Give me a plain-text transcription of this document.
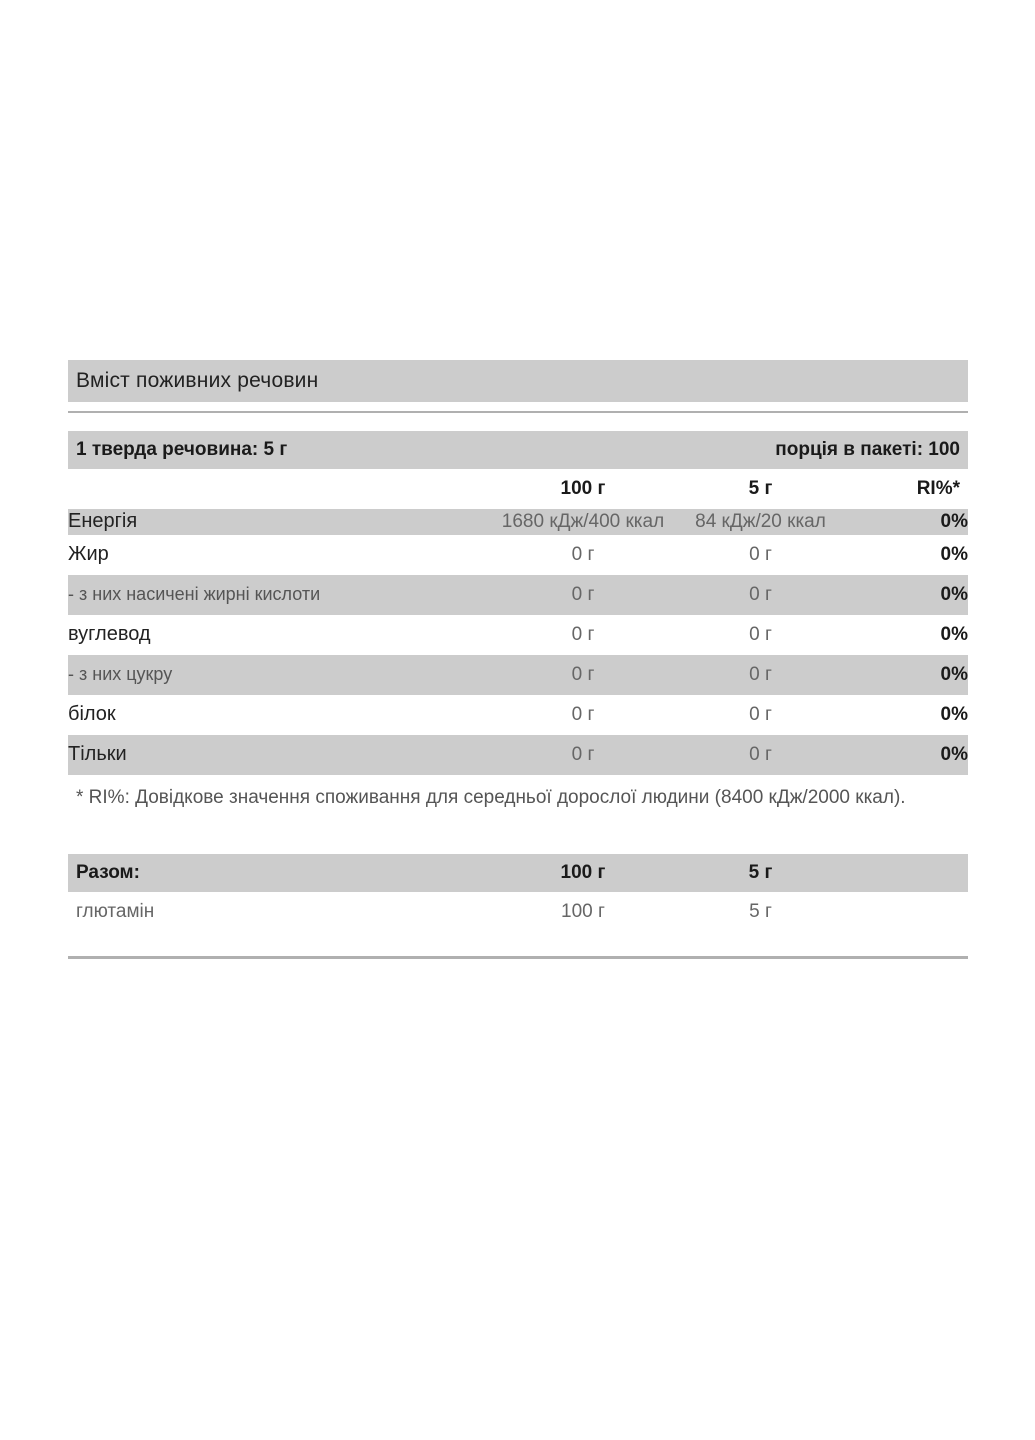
Вміст поживних речовин
1 тверда речовина: 5 г	порція в пакеті: 100
	100 г	5 г	RI%*
Енергія	1680 кДж/400 ккал	84 кДж/20 ккал	0%
Жир	0 г	0 г	0%
- з них насичені жирні кислоти	0 г	0 г	0%
вуглевод	0 г	0 г	0%
- з них цукру	0 г	0 г	0%
білок	0 г	0 г	0%
Тільки	0 г	0 г	0%
* RI%: Довідкове значення споживання для середньої дорослої людини (8400 кДж/2000 ккал).
Разом:	100 г	5 г	
глютамін	100 г	5 г	
